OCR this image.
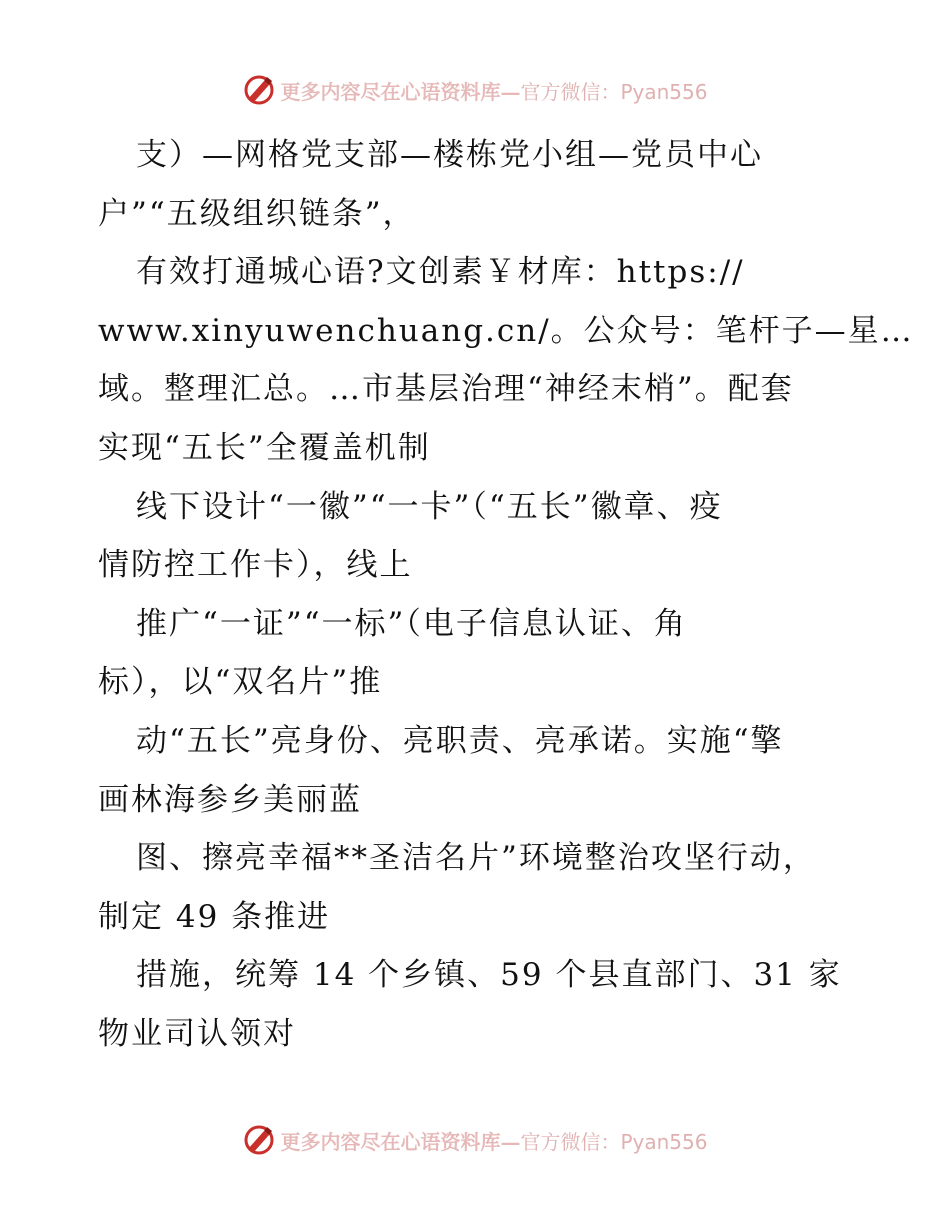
更多内容尽在心语资料库—官方微信：Pyan556
支）—网格党支部—楼栋党小组—党员中心
户”“五级组织链条”，
有效打通城心语?文创素￥材库：https://
www.xinyuwenchuang.cn/。公众号：笔杆子—星…
域。整理汇总。…市基层治理“神经末梢”。配套
实现“五长”全覆盖机制
线下设计“一徽”“一卡”（“五长”徽章、疫
情防控工作卡），线上
推广“一证”“一标”（电子信息认证、角
标），以“双名片”推
动“五长”亮身份、亮职责、亮承诺。实施“擎
画林海参乡美丽蓝
图、擦亮幸福**圣洁名片”环境整治攻坚行动，
制定 49 条推进
措施，统筹 14 个乡镇、59 个县直部门、31 家
物业司认领对
更多内容尽在心语资料库—官方微信：Pyan556
